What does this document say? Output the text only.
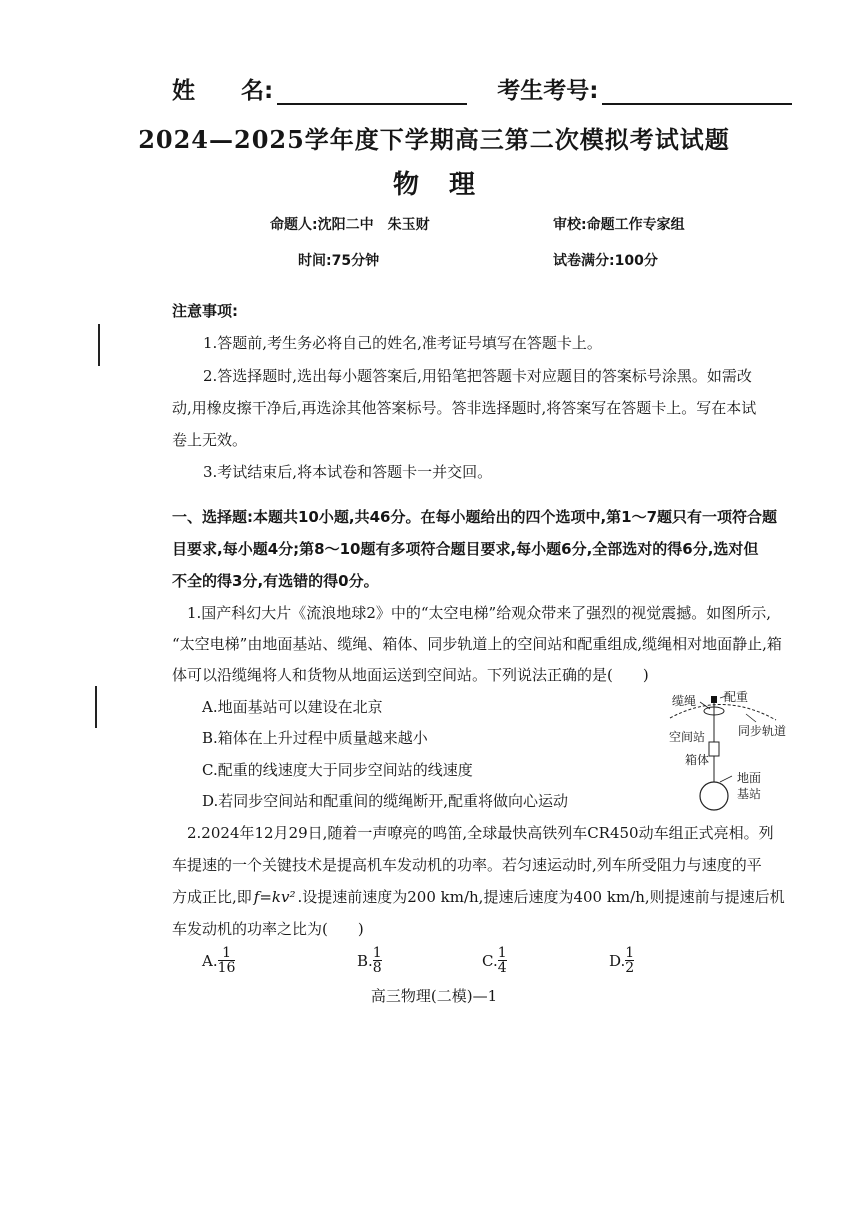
姓　　名:	考生考号:
2024—2025学年度下学期高三第二次模拟考试试题
物理
命题人:沈阳二中　朱玉财	审校:命题工作专家组
时间:75分钟	试卷满分:100分
注意事项:
1.答题前,考生务必将自己的姓名,准考证号填写在答题卡上。
2.答选择题时,选出每小题答案后,用铅笔把答题卡对应题目的答案标号涂黑。如需改
动,用橡皮擦干净后,再选涂其他答案标号。答非选择题时,将答案写在答题卡上。写在本试
卷上无效。
3.考试结束后,将本试卷和答题卡一并交回。
一、选择题:本题共10小题,共46分。在每小题给出的四个选项中,第1～7题只有一项符合题
目要求,每小题4分;第8～10题有多项符合题目要求,每小题6分,全部选对的得6分,选对但
不全的得3分,有选错的得0分。
1.国产科幻大片《流浪地球2》中的“太空电梯”给观众带来了强烈的视觉震撼。如图所示,
“太空电梯”由地面基站、缆绳、箱体、同步轨道上的空间站和配重组成,缆绳相对地面静止,箱
体可以沿缆绳将人和货物从地面运送到空间站。下列说法正确的是(　　)
A.地面基站可以建设在北京
B.箱体在上升过程中质量越来越小
C.配重的线速度大于同步空间站的线速度
D.若同步空间站和配重间的缆绳断开,配重将做向心运动
缆绳 配重
同步轨道
空间站
箱体
地面
基站
2.2024年12月29日,随着一声嘹亮的鸣笛,全球最快高铁列车CR450动车组正式亮相。列
车提速的一个关键技术是提高机车发动机的功率。若匀速运动时,列车所受阻力与速度的平
方成正比,即 f=kv² .设提速前速度为200 km/h,提速后速度为400 km/h,则提速前与提速后机
车发动机的功率之比为(　　)
A. $\frac{1}{16}$	B. $\frac{1}{8}$	C. $\frac{1}{4}$	D. $\frac{1}{2}$
高三物理(二模)—1
